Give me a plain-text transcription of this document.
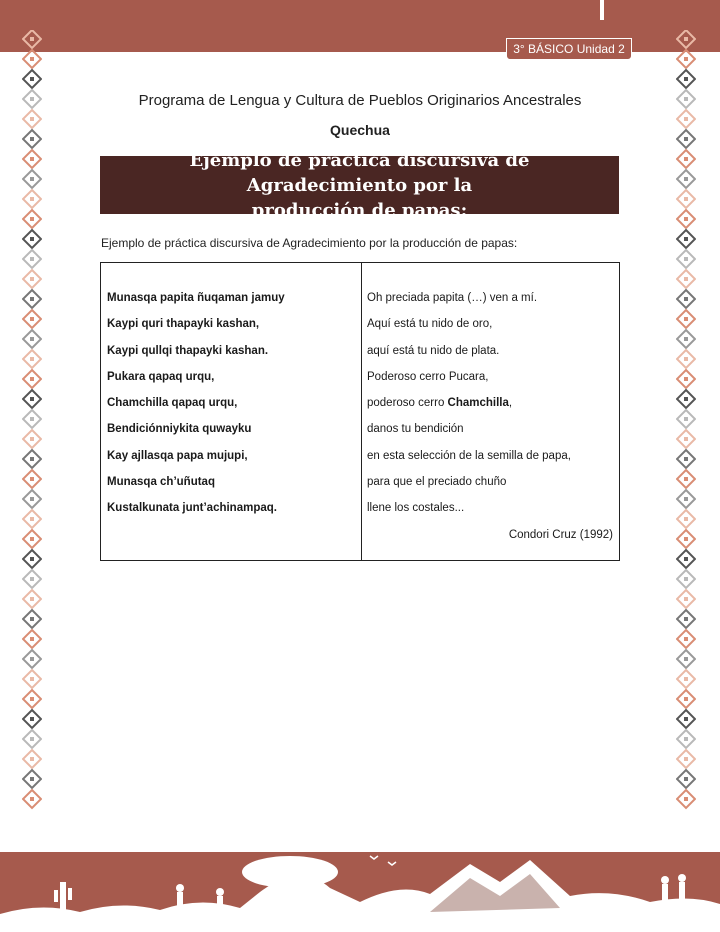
3° BÁSICO Unidad 2
Programa de Lengua y Cultura de Pueblos Originarios Ancestrales
Quechua
Ejemplo de práctica discursiva de Agradecimiento por la
producción de papas:
Ejemplo de práctica discursiva de Agradecimiento por la producción de papas:
Munasqa papita ñuqaman jamuy
Kaypi quri thapayki kashan,
Kaypi qullqi thapayki kashan.
Pukara qapaq urqu,
Chamchilla qapaq urqu,
Bendiciónniykita quwayku
Kay ajllasqa papa mujupi,
Munasqa ch’uñutaq
Kustalkunata junt’achinampaq.
Oh preciada papita (…) ven a mí.
Aquí está tu nido de oro,
aquí está tu nido de plata.
Poderoso cerro Pucara,
poderoso cerro Chamchilla,
danos tu bendición
en esta selección de la semilla de papa,
para que el preciado chuño
llene los costales...
Condori Cruz (1992)
